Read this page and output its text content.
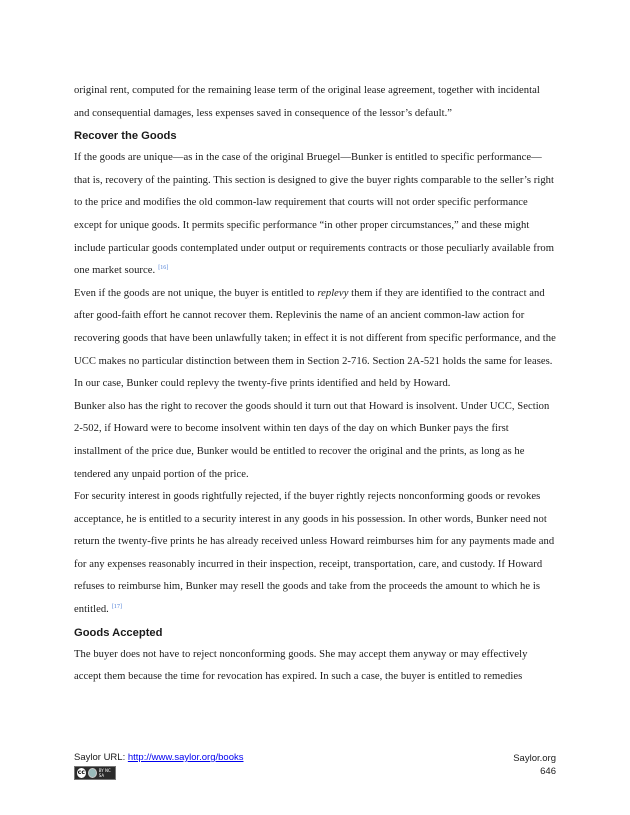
original rent, computed for the remaining lease term of the original lease agreement, together with incidental and consequential damages, less expenses saved in consequence of the lessor’s default.”

Recover the Goods

If the goods are unique—as in the case of the original Bruegel—Bunker is entitled to specific performance—that is, recovery of the painting. This section is designed to give the buyer rights comparable to the seller’s right to the price and modifies the old common-law requirement that courts will not order specific performance except for unique goods. It permits specific performance “in other proper circumstances,” and these might include particular goods contemplated under output or requirements contracts or those peculiarly available from one market source. [16]

Even if the goods are not unique, the buyer is entitled to replevy them if they are identified to the contract and after good-faith effort he cannot recover them. Replevinis the name of an ancient common-law action for recovering goods that have been unlawfully taken; in effect it is not different from specific performance, and the UCC makes no particular distinction between them in Section 2-716. Section 2A-521 holds the same for leases. In our case, Bunker could replevy the twenty-five prints identified and held by Howard.

Bunker also has the right to recover the goods should it turn out that Howard is insolvent. Under UCC, Section 2-502, if Howard were to become insolvent within ten days of the day on which Bunker pays the first installment of the price due, Bunker would be entitled to recover the original and the prints, as long as he tendered any unpaid portion of the price.

For security interest in goods rightfully rejected, if the buyer rightly rejects nonconforming goods or revokes acceptance, he is entitled to a security interest in any goods in his possession. In other words, Bunker need not return the twenty-five prints he has already received unless Howard reimburses him for any payments made and for any expenses reasonably incurred in their inspection, receipt, transportation, care, and custody. If Howard refuses to reimburse him, Bunker may resell the goods and take from the proceeds the amount to which he is entitled. [17]

Goods Accepted

The buyer does not have to reject nonconforming goods. She may accept them anyway or may effectively accept them because the time for revocation has expired. In such a case, the buyer is entitled to remedies

Saylor URL: http://www.saylor.org/books
cc	BY NC SA
Saylor.org
646
